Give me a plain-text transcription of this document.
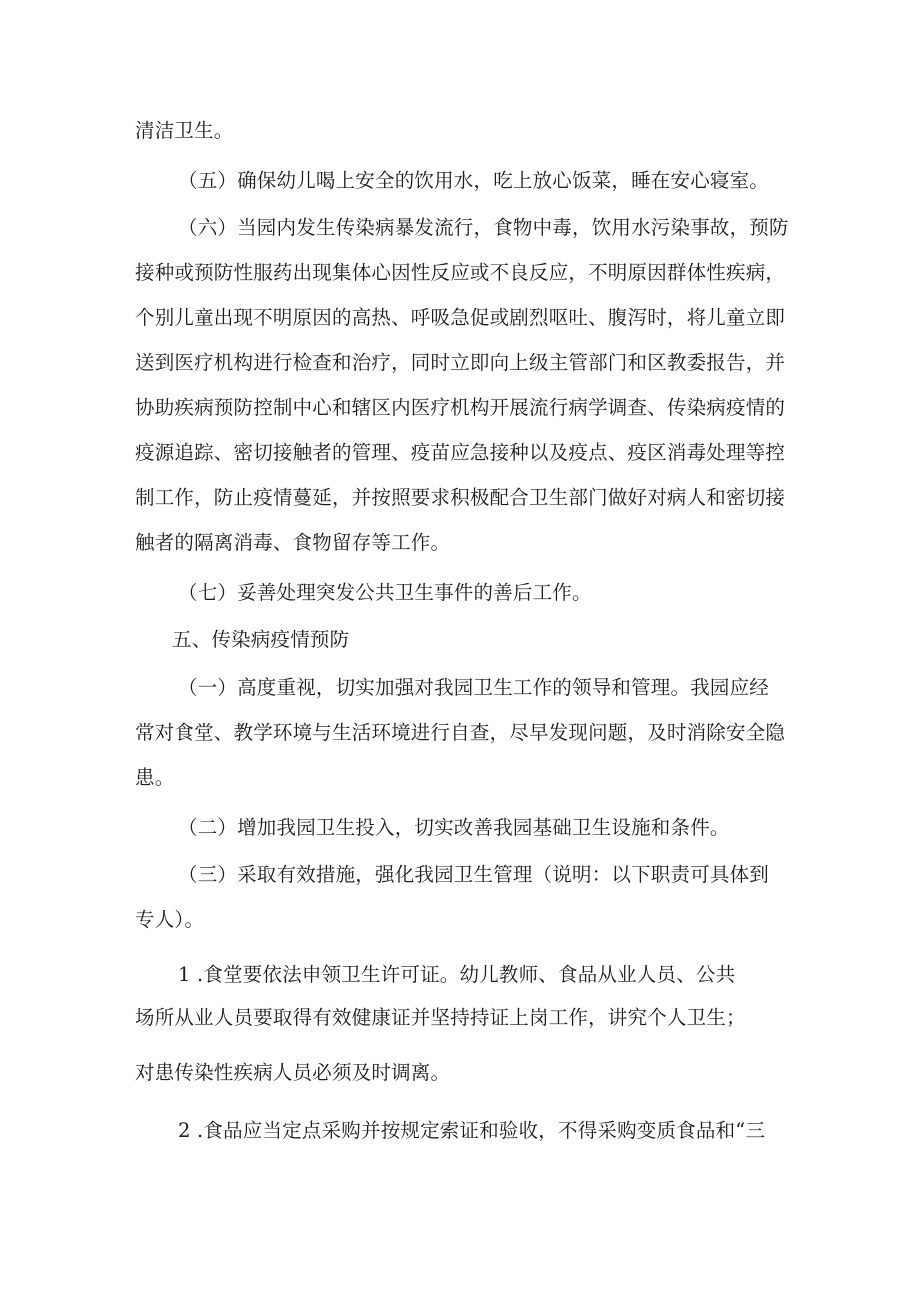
清洁卫生。
（五）确保幼儿喝上安全的饮用水，吃上放心饭菜，睡在安心寝室。
（六）当园内发生传染病暴发流行，食物中毒，饮用水污染事故，预防
接种或预防性服药出现集体心因性反应或不良反应，不明原因群体性疾病，
个别儿童出现不明原因的高热、呼吸急促或剧烈呕吐、腹泻时，将儿童立即
送到医疗机构进行检查和治疗，同时立即向上级主管部门和区教委报告，并
协助疾病预防控制中心和辖区内医疗机构开展流行病学调查、传染病疫情的
疫源追踪、密切接触者的管理、疫苗应急接种以及疫点、疫区消毒处理等控
制工作，防止疫情蔓延，并按照要求积极配合卫生部门做好对病人和密切接
触者的隔离消毒、食物留存等工作。
（七）妥善处理突发公共卫生事件的善后工作。
五、传染病疫情预防
（一）高度重视，切实加强对我园卫生工作的领导和管理。我园应经
常对食堂、教学环境与生活环境进行自查，尽早发现问题，及时消除安全隐
患。
（二）增加我园卫生投入，切实改善我园基础卫生设施和条件。
（三）采取有效措施，强化我园卫生管理（说明：以下职责可具体到
专人）。
1 .食堂要依法申领卫生许可证。幼儿教师、食品从业人员、公共
场所从业人员要取得有效健康证并坚持持证上岗工作，讲究个人卫生；
对患传染性疾病人员必须及时调离。
2 .食品应当定点采购并按规定索证和验收，不得采购变质食品和“三
